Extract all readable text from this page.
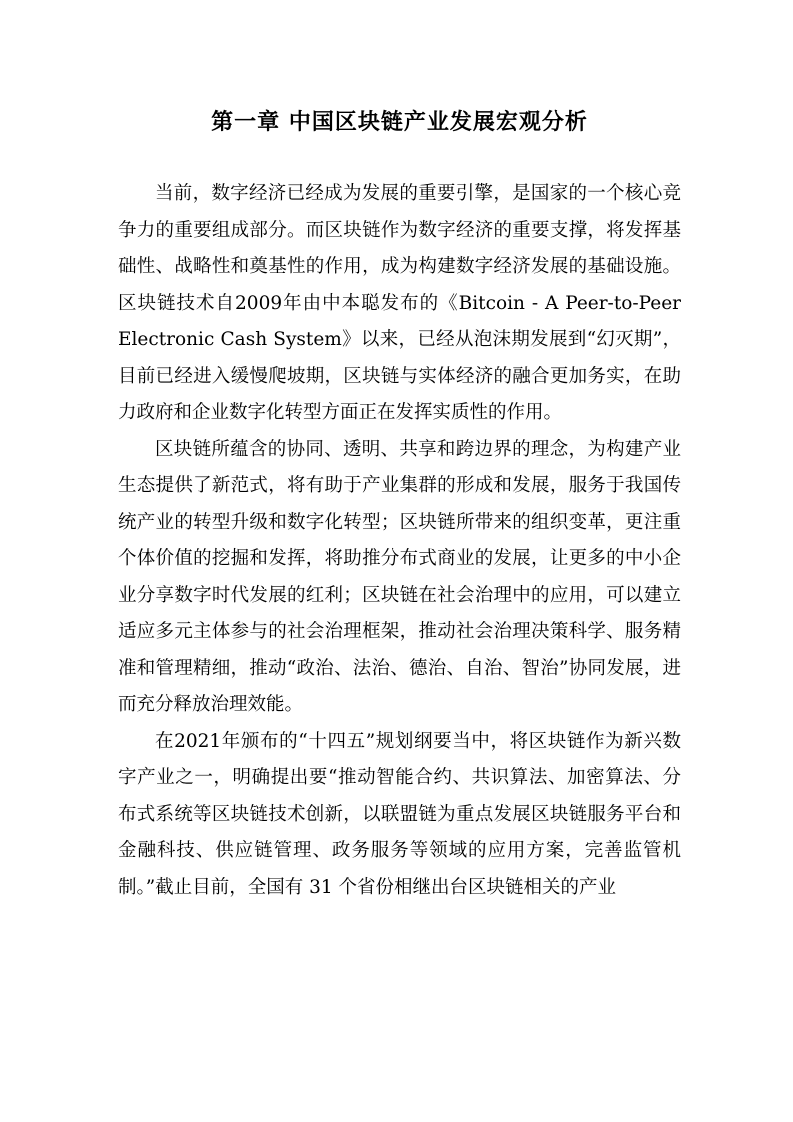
第一章 中国区块链产业发展宏观分析

当前，数字经济已经成为发展的重要引擎，是国家的一个核心竞争力的重要组成部分。而区块链作为数字经济的重要支撑，将发挥基础性、战略性和奠基性的作用，成为构建数字经济发展的基础设施。区块链技术自2009年由中本聪发布的《Bitcoin - A Peer-to-Peer Electronic Cash System》以来，已经从泡沫期发展到“幻灭期”，目前已经进入缓慢爬坡期，区块链与实体经济的融合更加务实，在助力政府和企业数字化转型方面正在发挥实质性的作用。

区块链所蕴含的协同、透明、共享和跨边界的理念，为构建产业生态提供了新范式，将有助于产业集群的形成和发展，服务于我国传统产业的转型升级和数字化转型；区块链所带来的组织变革，更注重个体价值的挖掘和发挥，将助推分布式商业的发展，让更多的中小企业分享数字时代发展的红利；区块链在社会治理中的应用，可以建立适应多元主体参与的社会治理框架，推动社会治理决策科学、服务精准和管理精细，推动“政治、法治、德治、自治、智治”协同发展，进而充分释放治理效能。

在2021年颁布的“十四五”规划纲要当中，将区块链作为新兴数字产业之一，明确提出要“推动智能合约、共识算法、加密算法、分布式系统等区块链技术创新，以联盟链为重点发展区块链服务平台和金融科技、供应链管理、政务服务等领域的应用方案，完善监管机制。”截止目前，全国有 31 个省份相继出台区块链相关的产业
